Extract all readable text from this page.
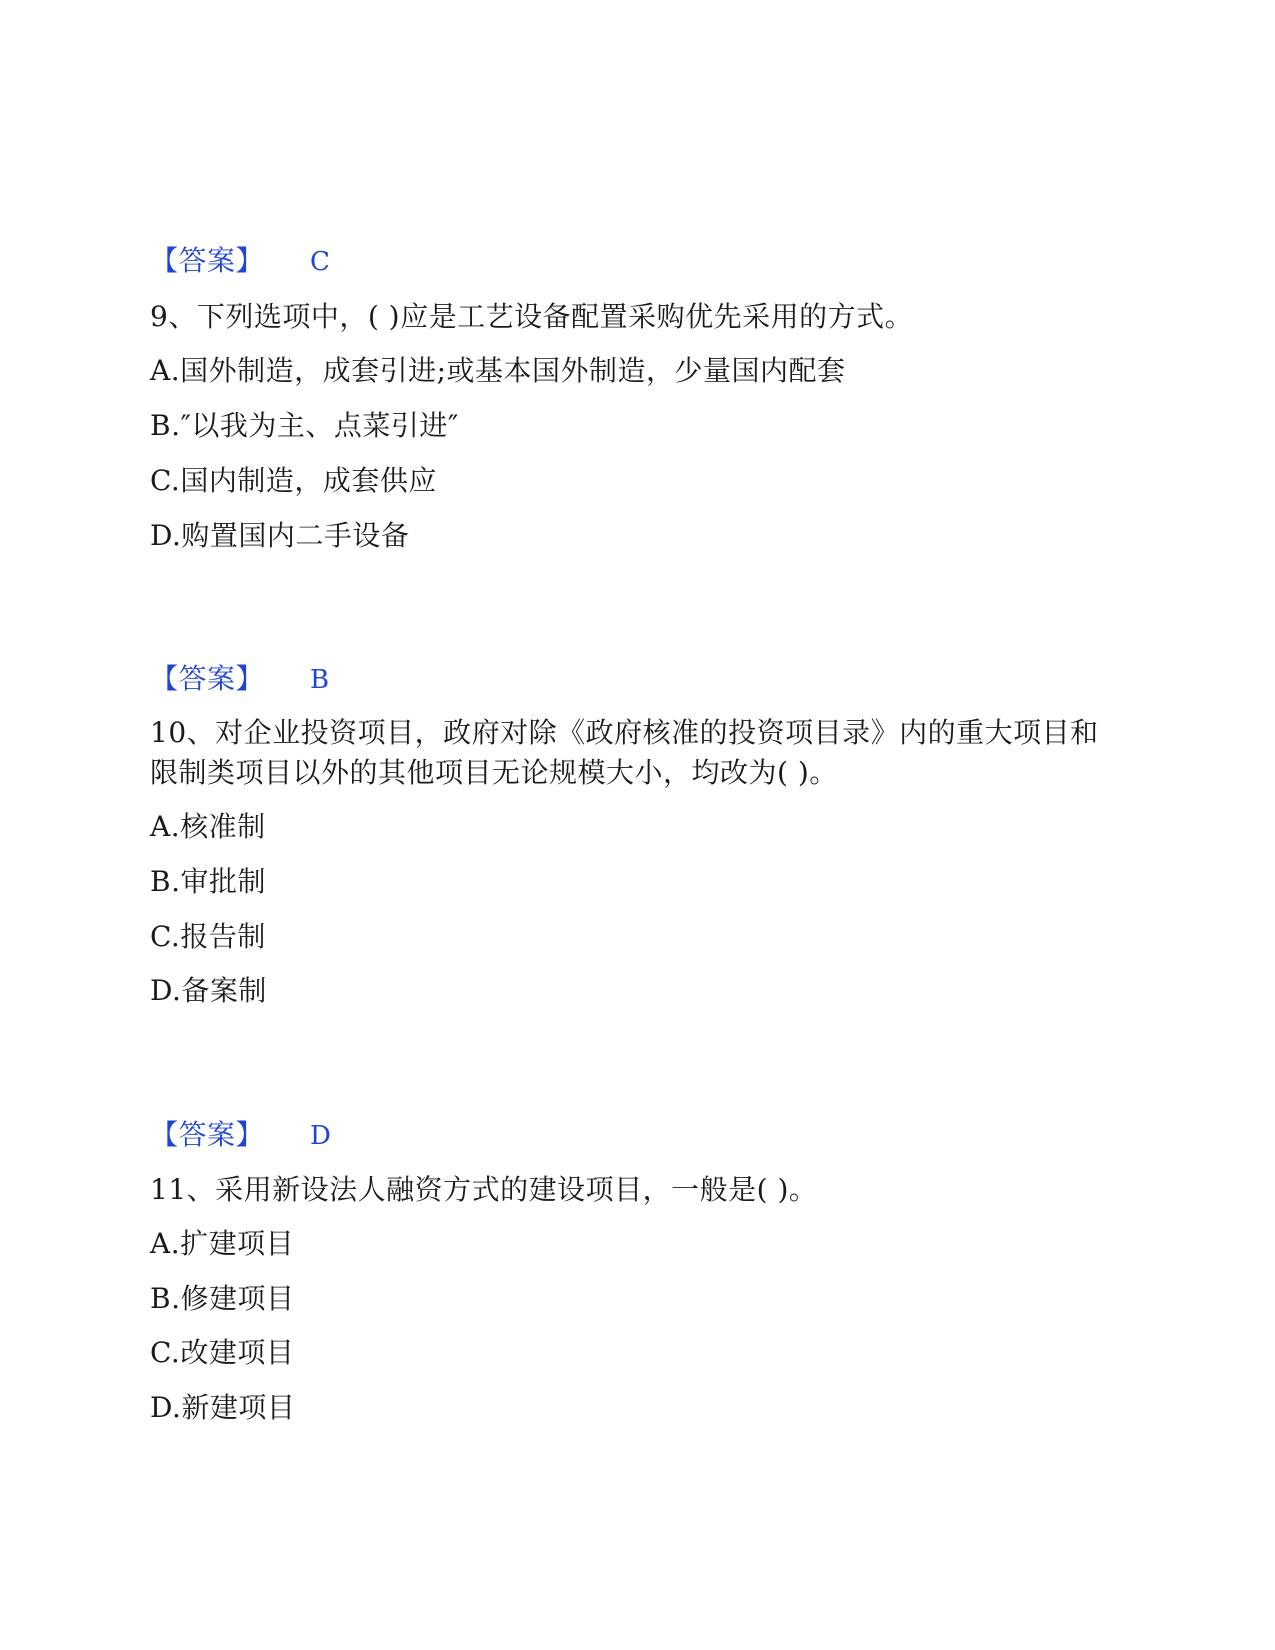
【答案】 C
9、下列选项中，( )应是工艺设备配置采购优先采用的方式。
A.国外制造，成套引进;或基本国外制造，少量国内配套
B.″以我为主、点菜引进″
C.国内制造，成套供应
D.购置国内二手设备
【答案】 B
10、对企业投资项目，政府对除《政府核准的投资项目录》内的重大项目和
限制类项目以外的其他项目无论规模大小，均改为( )。
A.核准制
B.审批制
C.报告制
D.备案制
【答案】 D
11、采用新设法人融资方式的建设项目，一般是( )。
A.扩建项目
B.修建项目
C.改建项目
D.新建项目
